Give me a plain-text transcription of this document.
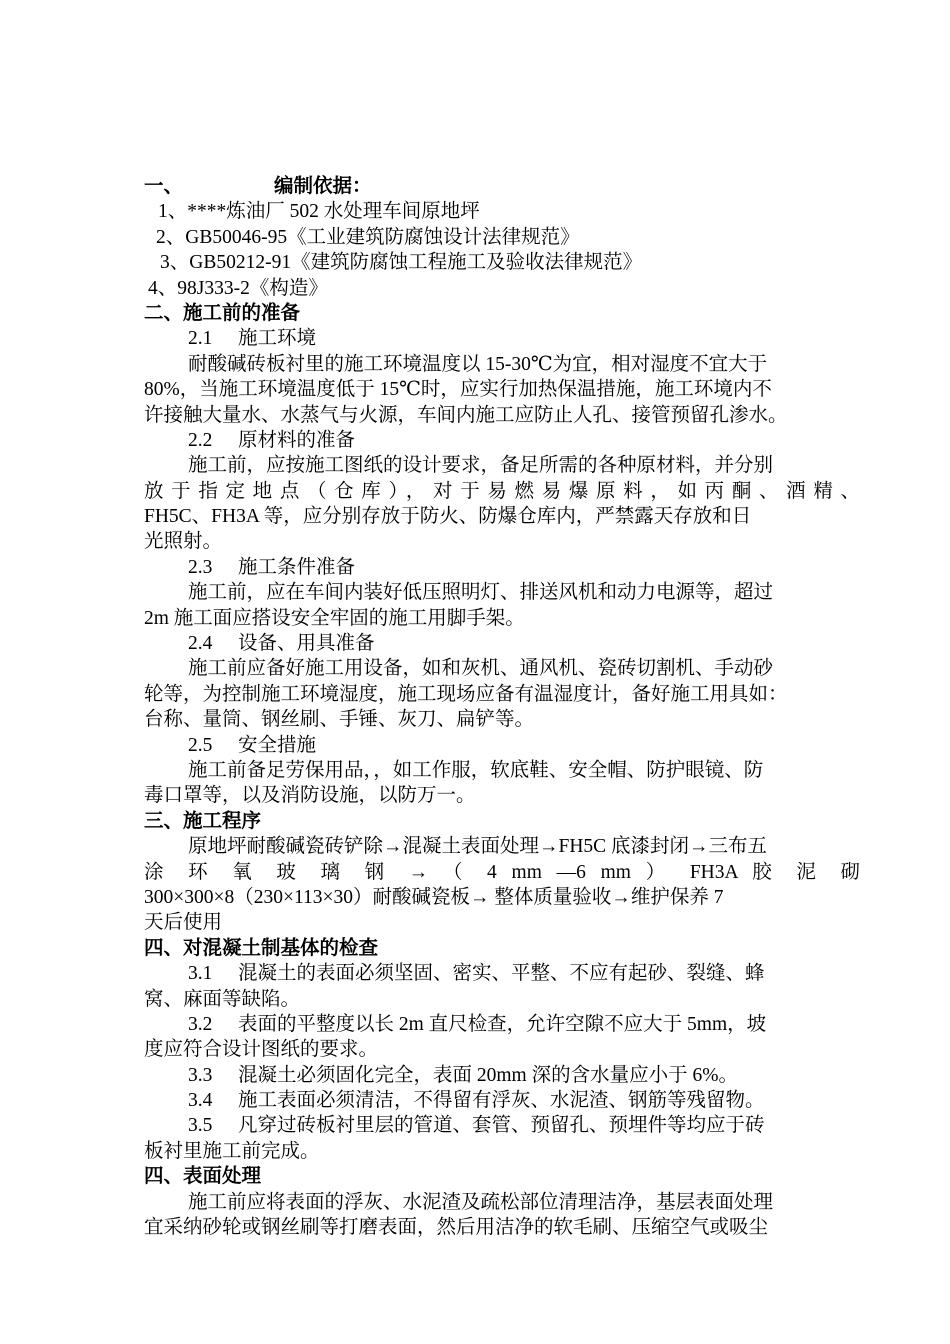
一、	编制依据：
1、****炼油厂 502 水处理车间原地坪
2、GB50046-95《工业建筑防腐蚀设计法律规范》
3、GB50212-91《建筑防腐蚀工程施工及验收法律规范》
4、98J333-2《构造》
二、施工前的准备
2.1 施工环境
耐酸碱砖板衬里的施工环境温度以 15-30℃为宜，相对湿度不宜大于
80%，当施工环境温度低于 15℃时，应实行加热保温措施，施工环境内不
许接触大量水、水蒸气与火源，车间内施工应防止人孔、接管预留孔渗水。
2.2 原材料的准备
施工前，应按施工图纸的设计要求，备足所需的各种原材料，并分别
放于指定地点（仓库），对于易燃易爆原料，如丙酮、酒精、
FH5C、FH3A 等，应分别存放于防火、防爆仓库内，严禁露天存放和日
光照射。
2.3 施工条件准备
施工前，应在车间内装好低压照明灯、排送风机和动力电源等，超过
2m 施工面应搭设安全牢固的施工用脚手架。
2.4 设备、用具准备
施工前应备好施工用设备，如和灰机、通风机、瓷砖切割机、手动砂
轮等，为控制施工环境湿度，施工现场应备有温湿度计，备好施工用具如：
台称、量筒、钢丝刷、手锤、灰刀、扁铲等。
2.5 安全措施
施工前备足劳保用品，，如工作服，软底鞋、安全帽、防护眼镜、防
毒口罩等，以及消防设施，以防万一。
三、施工程序
原地坪耐酸碱瓷砖铲除→混凝土表面处理→FH5C 底漆封闭→三布五
涂 环 氧 玻 璃 钢 → （ 4 mm —6 mm ） FH3A 胶 泥 砌
300×300×8（230×113×30）耐酸碱瓷板→ 整体质量验收→维护保养 7
天后使用
四、对混凝土制基体的检查
3.1 混凝土的表面必须坚固、密实、平整、不应有起砂、裂缝、蜂
窝、麻面等缺陷。
3.2 表面的平整度以长 2m 直尺检查，允许空隙不应大于 5mm，坡
度应符合设计图纸的要求。
3.3 混凝土必须固化完全，表面 20mm 深的含水量应小于 6%。
3.4 施工表面必须清洁，不得留有浮灰、水泥渣、钢筋等残留物。
3.5 凡穿过砖板衬里层的管道、套管、预留孔、预埋件等均应于砖
板衬里施工前完成。
四、表面处理
施工前应将表面的浮灰、水泥渣及疏松部位清理洁净，基层表面处理
宜采纳砂轮或钢丝刷等打磨表面，然后用洁净的软毛刷、压缩空气或吸尘
